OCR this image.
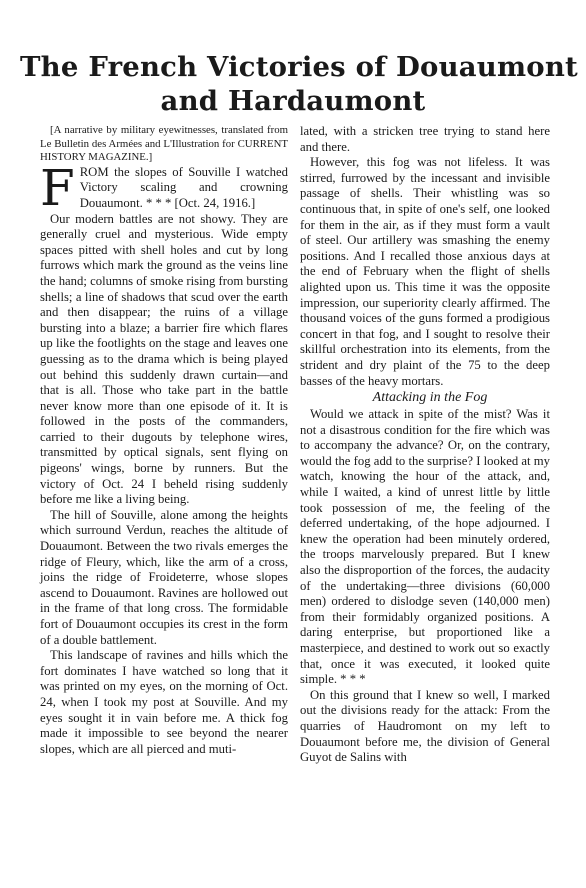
The French Victories of Douaumont
and Hardaumont

[A narrative by military eyewitnesses, translated from Le Bulletin des Armées and L'Illustration for CURRENT HISTORY MAGAZINE.]

F ROM the slopes of Souville I watched Victory scaling and crowning Douaumont. * * * [Oct. 24, 1916.]

Our modern battles are not showy. They are generally cruel and mysterious. Wide empty spaces pitted with shell holes and cut by long furrows which mark the ground as the veins line the hand; columns of smoke rising from bursting shells; a line of shadows that scud over the earth and then disappear; the ruins of a village bursting into a blaze; a barrier fire which flares up like the footlights on the stage and leaves one guessing as to the drama which is being played out behind this suddenly drawn curtain—and that is all. Those who take part in the battle never know more than one episode of it. It is followed in the posts of the commanders, carried to their dugouts by telephone wires, transmitted by optical signals, sent flying on pigeons' wings, borne by runners. But the victory of Oct. 24 I beheld rising suddenly before me like a living being.

The hill of Souville, alone among the heights which surround Verdun, reaches the altitude of Douaumont. Between the two rivals emerges the ridge of Fleury, which, like the arm of a cross, joins the ridge of Froideterre, whose slopes ascend to Douaumont. Ravines are hollowed out in the frame of that long cross. The formidable fort of Douaumont occupies its crest in the form of a double battlement.

This landscape of ravines and hills which the fort dominates I have watched so long that it was printed on my eyes, on the morning of Oct. 24, when I took my post at Souville. And my eyes sought it in vain before me. A thick fog made it impossible to see beyond the nearer slopes, which are all pierced and muti-

lated, with a stricken tree trying to stand here and there.

However, this fog was not lifeless. It was stirred, furrowed by the incessant and invisible passage of shells. Their whistling was so continuous that, in spite of one's self, one looked for them in the air, as if they must form a vault of steel. Our artillery was smashing the enemy positions. And I recalled those anxious days at the end of February when the flight of shells alighted upon us. This time it was the opposite impression, our superiority clearly affirmed. The thousand voices of the guns formed a prodigious concert in that fog, and I sought to resolve their skillful orchestration into its elements, from the strident and dry plaint of the 75 to the deep basses of the heavy mortars.

Attacking in the Fog

Would we attack in spite of the mist? Was it not a disastrous condition for the fire which was to accompany the advance? Or, on the contrary, would the fog add to the surprise? I looked at my watch, knowing the hour of the attack, and, while I waited, a kind of unrest little by little took possession of me, the feeling of the deferred undertaking, of the hope adjourned. I knew the operation had been minutely ordered, the troops marvelously prepared. But I knew also the disproportion of the forces, the audacity of the undertaking—three divisions (60,000 men) ordered to dislodge seven (140,000 men) from their formidably organized positions. A daring enterprise, but proportioned like a masterpiece, and destined to work out so exactly that, once it was executed, it looked quite simple. * * *

On this ground that I knew so well, I marked out the divisions ready for the attack: From the quarries of Haudromont on my left to Douaumont before me, the division of General Guyot de Salins with
